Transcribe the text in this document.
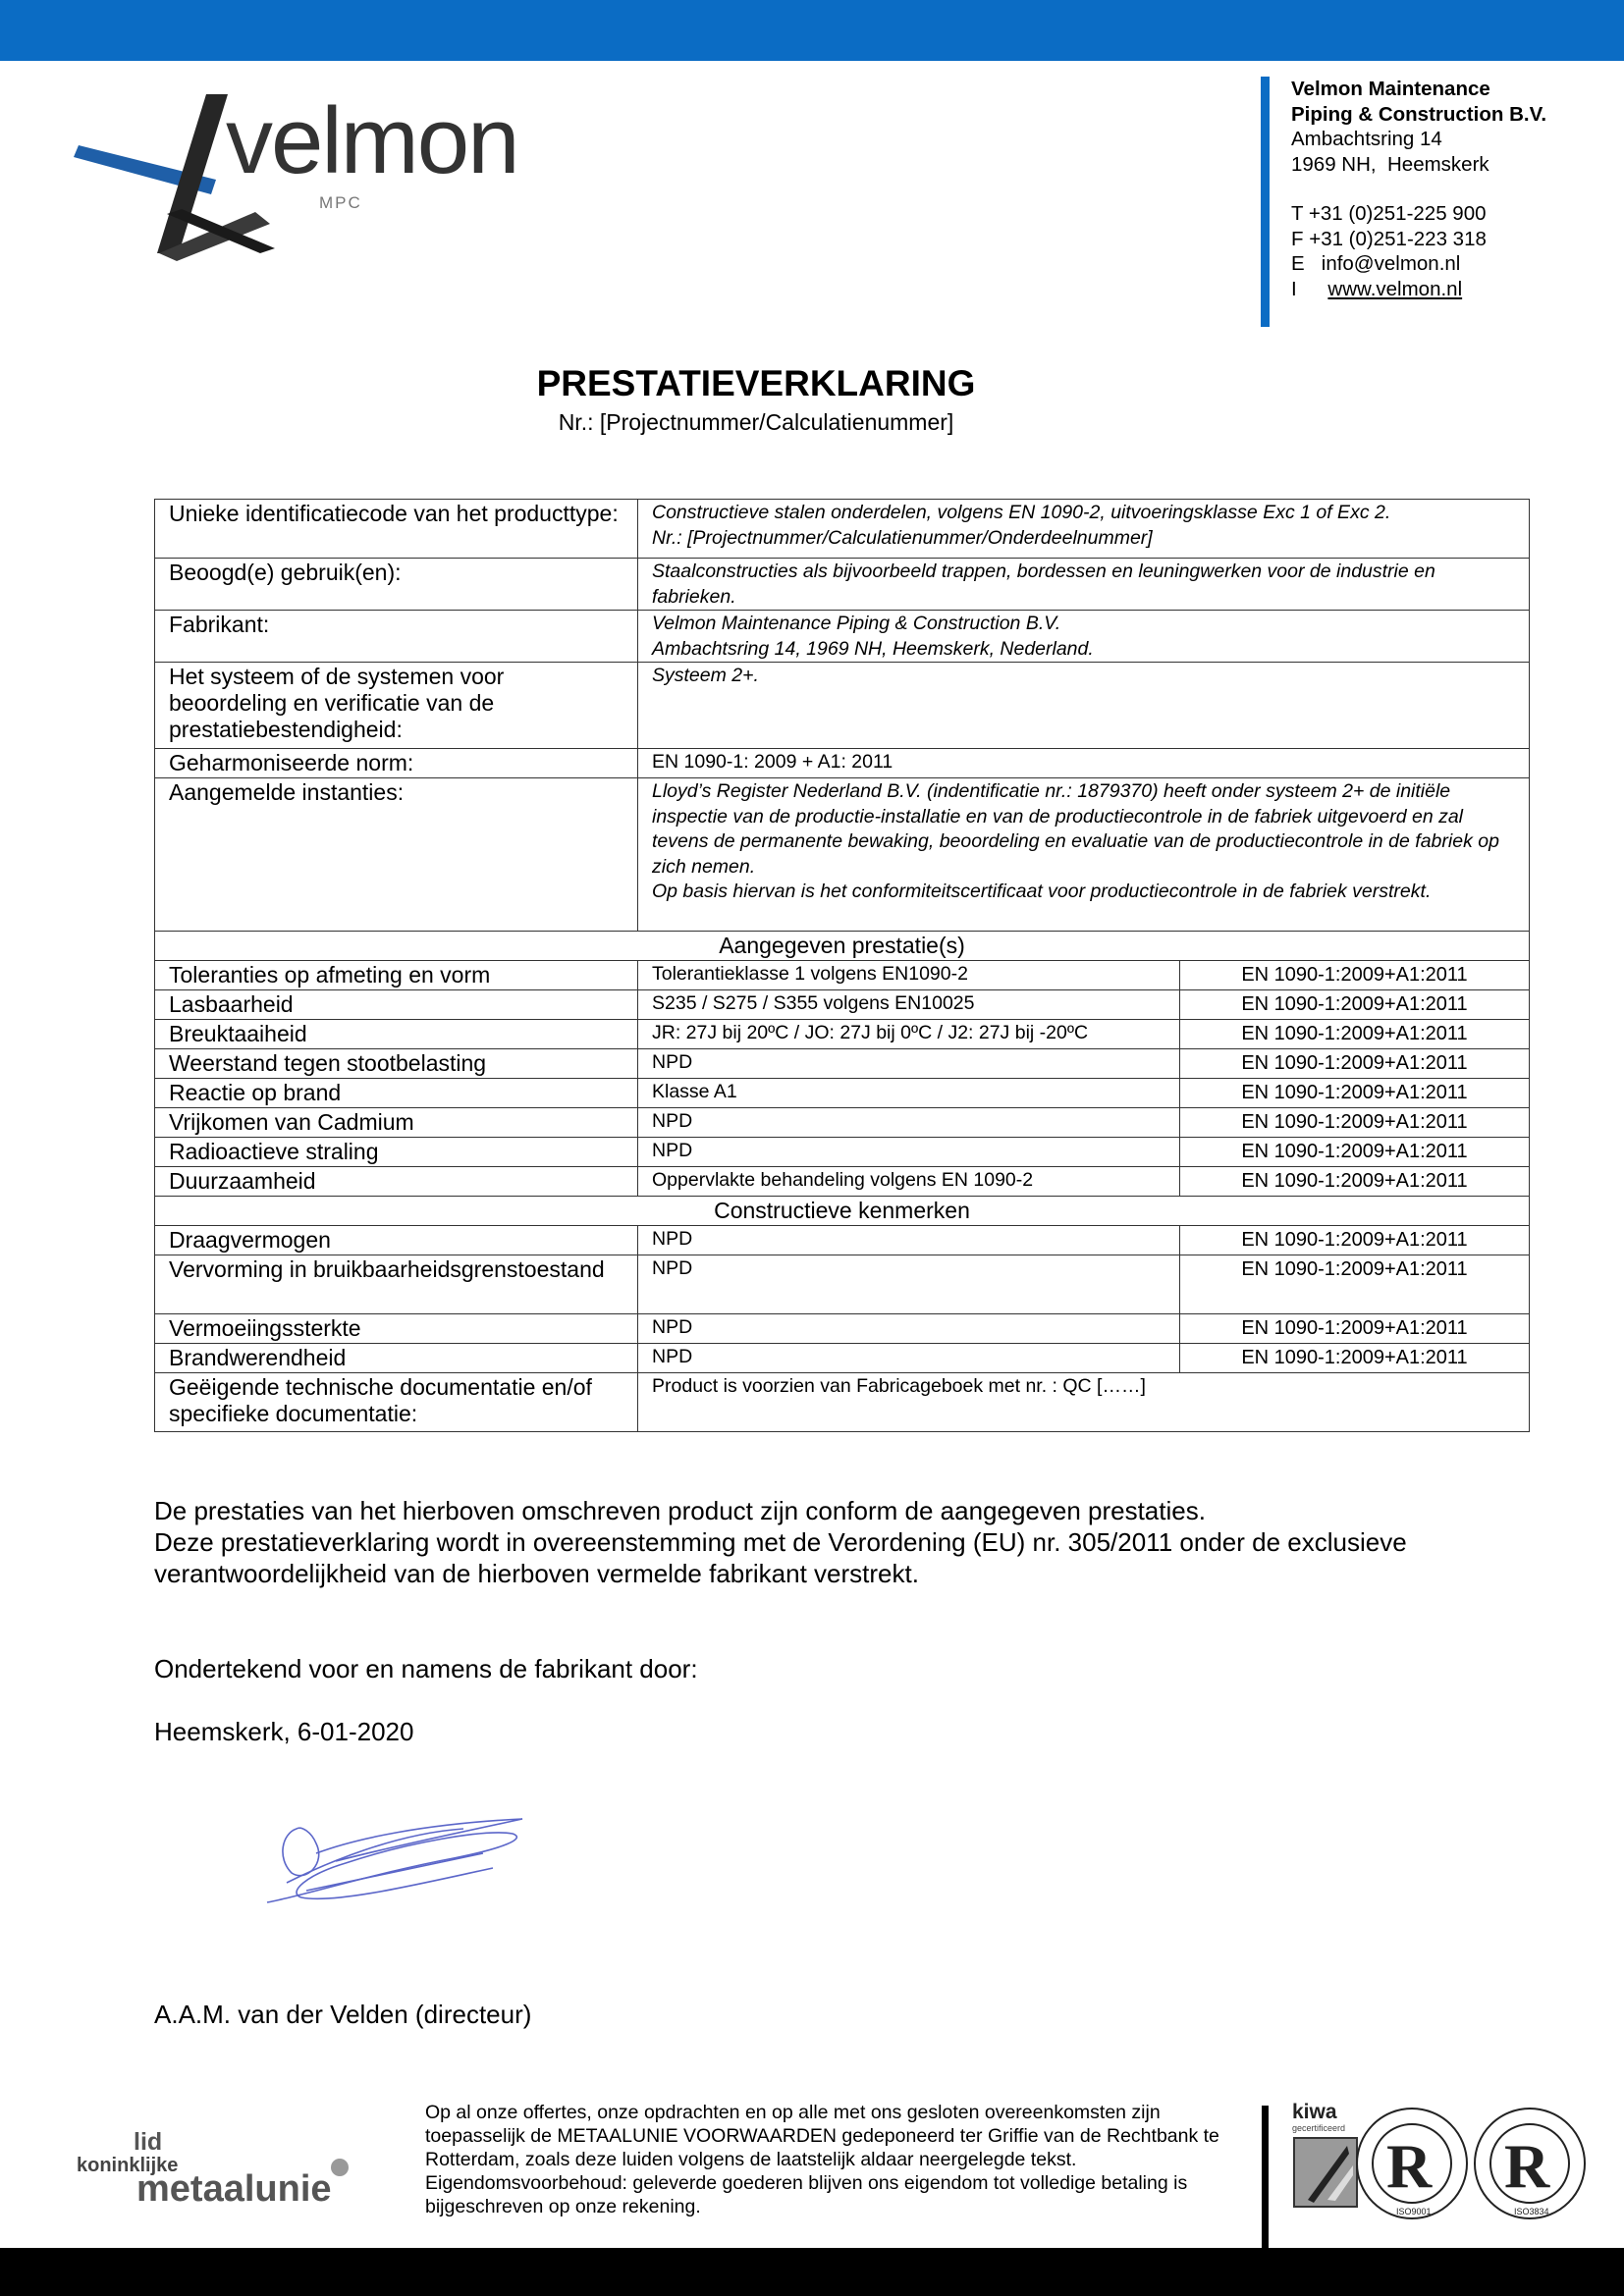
velmon
MPC
Velmon Maintenance
Piping & Construction B.V.
Ambachtsring 14
1969 NH,  Heemskerk
T +31 (0)251-225 900
F +31 (0)251-223 318
E   info@velmon.nl
I www.velmon.nl
PRESTATIEVERKLARING
Nr.: [Projectnummer/Calculatienummer]
Unieke identificatiecode van het producttype:	Constructieve stalen onderdelen, volgens EN 1090-2, uitvoeringsklasse Exc 1 of Exc 2.
Nr.: [Projectnummer/Calculatienummer/Onderdeelnummer]	
Beoogd(e) gebruik(en):	Staalconstructies als bijvoorbeeld trappen, bordessen en leuningwerken voor de industrie en fabrieken.	
Fabrikant:	Velmon Maintenance Piping & Construction B.V.
Ambachtsring 14, 1969 NH, Heemskerk, Nederland.	
Het systeem of de systemen voor beoordeling en verificatie van de prestatiebestendigheid:	Systeem 2+.	
Geharmoniseerde norm:	EN 1090-1: 2009 + A1: 2011	
Aangemelde instanties:	Lloyd’s Register Nederland B.V. (indentificatie nr.: 1879370) heeft onder systeem 2+ de initiële inspectie van de productie-installatie en van de productiecontrole in de fabriek uitgevoerd en zal tevens de permanente bewaking, beoordeling en evaluatie van de productiecontrole in de fabriek op zich nemen.
Op basis hiervan is het conformiteitscertificaat voor productiecontrole in de fabriek verstrekt.	
Aangegeven prestatie(s)		
Toleranties op afmeting en vorm	Tolerantieklasse 1 volgens EN1090-2	EN 1090-1:2009+A1:2011
Lasbaarheid	S235 / S275 / S355 volgens EN10025	EN 1090-1:2009+A1:2011
Breuktaaiheid	JR: 27J bij 20ºC / JO: 27J bij 0ºC / J2: 27J bij -20ºC	EN 1090-1:2009+A1:2011
Weerstand tegen stootbelasting	NPD	EN 1090-1:2009+A1:2011
Reactie op brand	Klasse A1	EN 1090-1:2009+A1:2011
Vrijkomen van Cadmium	NPD	EN 1090-1:2009+A1:2011
Radioactieve straling	NPD	EN 1090-1:2009+A1:2011
Duurzaamheid	Oppervlakte behandeling volgens EN 1090-2	EN 1090-1:2009+A1:2011
Constructieve kenmerken		
Draagvermogen	NPD	EN 1090-1:2009+A1:2011
Vervorming in bruikbaarheidsgrenstoestand	NPD	EN 1090-1:2009+A1:2011
Vermoeiingssterkte	NPD	EN 1090-1:2009+A1:2011
Brandwerendheid	NPD	EN 1090-1:2009+A1:2011
Geëigende technische documentatie en/of specifieke documentatie:	Product is voorzien van Fabricageboek met nr. : QC [……]	
De prestaties van het hierboven omschreven product zijn conform de aangegeven prestaties.
Deze prestatieverklaring wordt in overeenstemming met de Verordening (EU) nr. 305/2011 onder de exclusieve verantwoordelijkheid van de hierboven vermelde fabrikant verstrekt.
Ondertekend voor en namens de fabrikant door:
Heemskerk, 6-01-2020
A.A.M. van der Velden (directeur)
lid
koninklijke
metaalunie
Op al onze offertes, onze opdrachten en op alle met ons gesloten overeenkomsten zijn toepasselijk de METAALUNIE VOORWAARDEN gedeponeerd ter Griffie van de Rechtbank te Rotterdam, zoals deze luiden volgens de laatstelijk aldaar neergelegde tekst. Eigendomsvoorbehoud: geleverde goederen blijven ons eigendom tot volledige betaling is bijgeschreven op onze rekening.
kiwa
gecertificeerd
R
ISO9001
R
ISO3834
